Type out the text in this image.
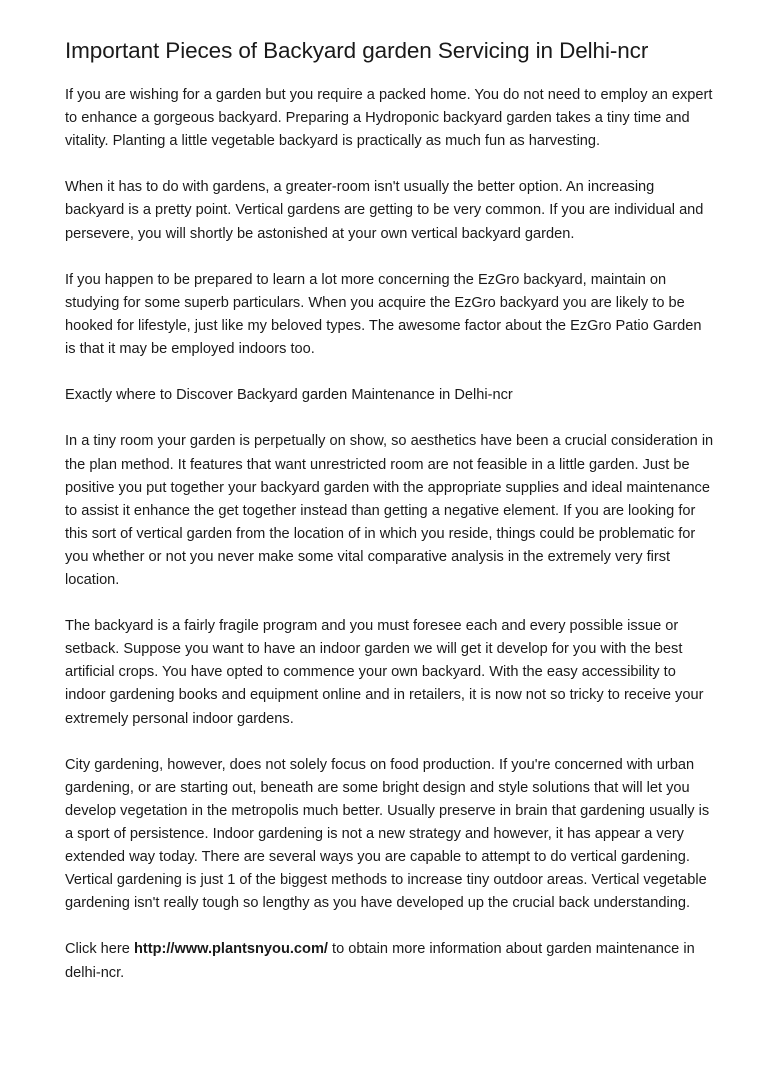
Important Pieces of Backyard garden Servicing in Delhi-ncr

If you are wishing for a garden but you require a packed home. You do not need to employ an expert to enhance a gorgeous backyard. Preparing a Hydroponic backyard garden takes a tiny time and vitality. Planting a little vegetable backyard is practically as much fun as harvesting.

When it has to do with gardens, a greater-room isn't usually the better option. An increasing backyard is a pretty point. Vertical gardens are getting to be very common. If you are individual and persevere, you will shortly be astonished at your own vertical backyard garden.

If you happen to be prepared to learn a lot more concerning the EzGro backyard, maintain on studying for some superb particulars. When you acquire the EzGro backyard you are likely to be hooked for lifestyle, just like my beloved types. The awesome factor about the EzGro Patio Garden is that it may be employed indoors too.

Exactly where to Discover Backyard garden Maintenance in Delhi-ncr

In a tiny room your garden is perpetually on show, so aesthetics have been a crucial consideration in the plan method. It features that want unrestricted room are not feasible in a little garden. Just be positive you put together your backyard garden with the appropriate supplies and ideal maintenance to assist it enhance the get together instead than getting a negative element. If you are looking for this sort of vertical garden from the location of in which you reside, things could be problematic for you whether or not you never make some vital comparative analysis in the extremely very first location.

The backyard is a fairly fragile program and you must foresee each and every possible issue or setback. Suppose you want to have an indoor garden we will get it develop for you with the best artificial crops. You have opted to commence your own backyard. With the easy accessibility to indoor gardening books and equipment online and in retailers, it is now not so tricky to receive your extremely personal indoor gardens.

City gardening, however, does not solely focus on food production. If you're concerned with urban gardening, or are starting out, beneath are some bright design and style solutions that will let you develop vegetation in the metropolis much better. Usually preserve in brain that gardening usually is a sport of persistence. Indoor gardening is not a new strategy and however, it has appear a very extended way today. There are several ways you are capable to attempt to do vertical gardening. Vertical gardening is just 1 of the biggest methods to increase tiny outdoor areas. Vertical vegetable gardening isn't really tough so lengthy as you have developed up the crucial back understanding.

Click here http://www.plantsnyou.com/ to obtain more information about garden maintenance in delhi-ncr.
